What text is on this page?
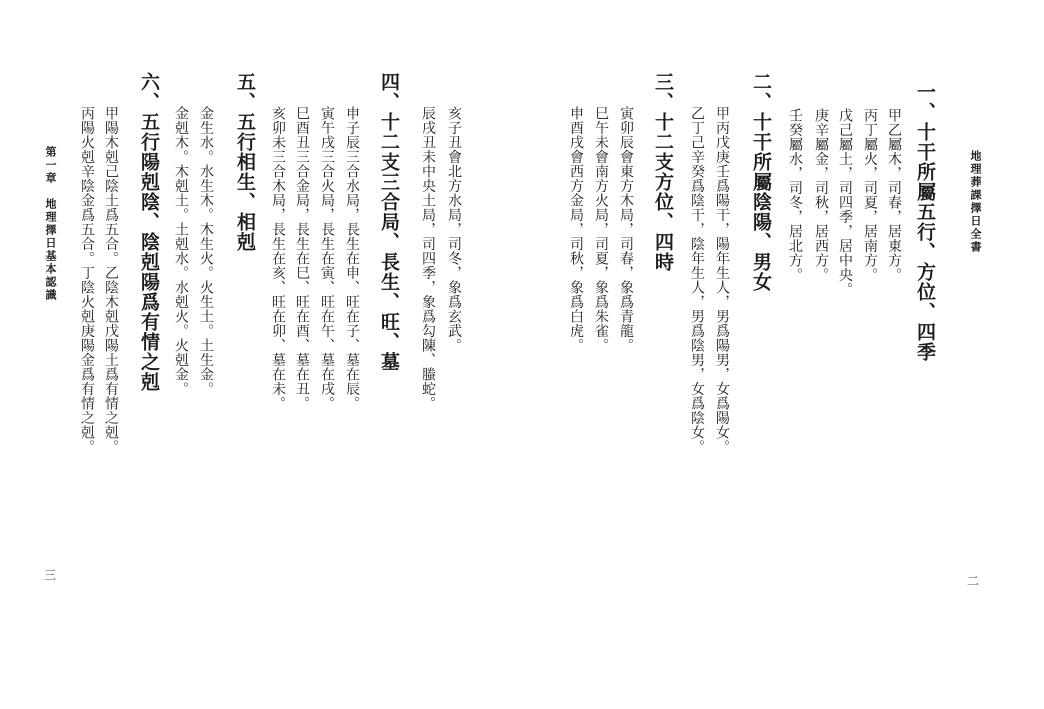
地理葬課擇日全書
一、十干所屬五行、方位、四季
甲乙屬木，司春，居東方。
丙丁屬火，司夏，居南方。
戊己屬土，司四季，居中央。
庚辛屬金，司秋，居西方。
壬癸屬水，司冬，居北方。
二、十干所屬陰陽、男女
甲丙戊庚壬爲陽干，陽年生人，男爲陽男，女爲陽女。
乙丁己辛癸爲陰干，陰年生人，男爲陰男，女爲陰女。
三、十二支方位、四時
寅卯辰會東方木局，司春，象爲青龍。
巳午未會南方火局，司夏，象爲朱雀。
申酉戌會西方金局，司秋，象爲白虎。
二
亥子丑會北方水局，司冬，象爲玄武。
辰戌丑未中央土局，司四季，象爲勾陳、螣蛇。
四、十二支三合局、長生、旺、墓
申子辰三合水局，長生在申、旺在子、墓在辰。
寅午戌三合火局，長生在寅、旺在午、墓在戌。
巳酉丑三合金局，長生在巳、旺在酉、墓在丑。
亥卯未三合木局，長生在亥、旺在卯、墓在未。
五、五行相生、相剋
金生水。水生木。木生火。火生土。土生金。
金剋木。木剋土。土剋水。水剋火。火剋金。
六、五行陽剋陰、陰剋陽爲有情之剋
甲陽木剋己陰土爲五合。乙陰木剋戊陽土爲有情之剋。
丙陽火剋辛陰金爲五合。丁陰火剋庚陽金爲有情之剋。
第一章　地理擇日基本認識
三
